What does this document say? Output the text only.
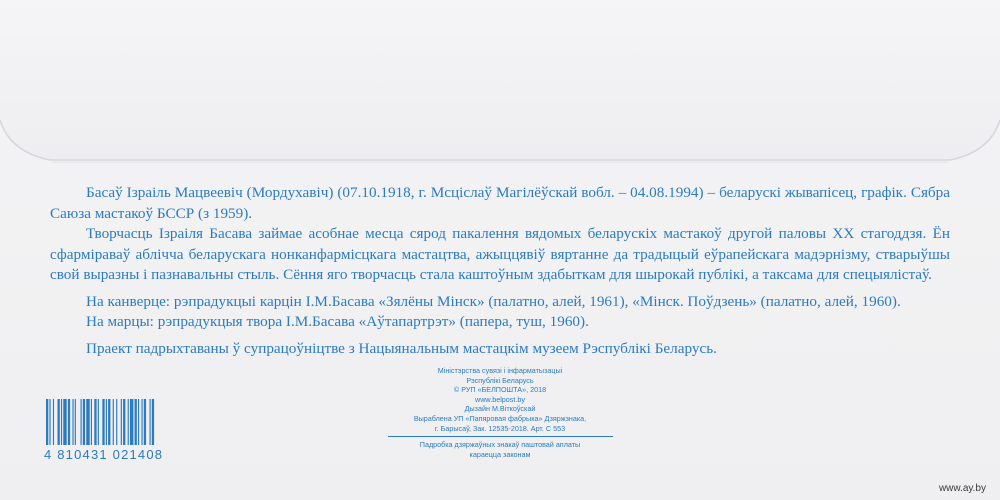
Басаў Ізраіль Мацвеевіч (Мордухавіч) (07.10.1918, г. Мсціслаў Магілёўскай вобл. – 04.08.1994) – беларускі жывапісец, графік. Сябра Саюза мастакоў БССР (з 1959).

Творчасць Ізраіля Басава займае асобнае месца сярод пакалення вядомых беларускіх мастакоў другой паловы ХХ стагоддзя. Ён сфарміраваў аблічча беларускага нонканфармісцкага мастацтва, ажыццявіў вяртанне да традыцый еўрапейскага мадэрнізму, стварыўшы свой выразны і пазнавальны стыль. Сёння яго творчасць стала каштоўным здабыткам для шырокай публікі, а таксама для спецыялістаў.

На канверце: рэпрадукцыі карцін І.М.Басава «Зялёны Мінск» (палатно, алей, 1961), «Мінск. Поўдзень» (палатно, алей, 1960).

На марцы: рэпрадукцыя твора І.М.Басава «Аўтапартрэт» (папера, туш, 1960).

Праект падрыхтаваны ў супрацоўніцтве з Нацыянальным мастацкім музеем Рэспублікі Беларусь.

Міністэрства сувязі і інфарматызацыі
Рэспублікі Беларусь
© РУП «БЕЛПОШТА», 2018
www.belpost.by
Дызайн М.Віткоўскай
Выраблена УП «Папяровая фабрыка» Дзяржзнака,
г. Барысаў, Зак. 12535-2018. Арт. С 553
Падробка дзяржаўных знакаў паштовай аплаты
караецца законам
4 810431 021408
www.ay.by
